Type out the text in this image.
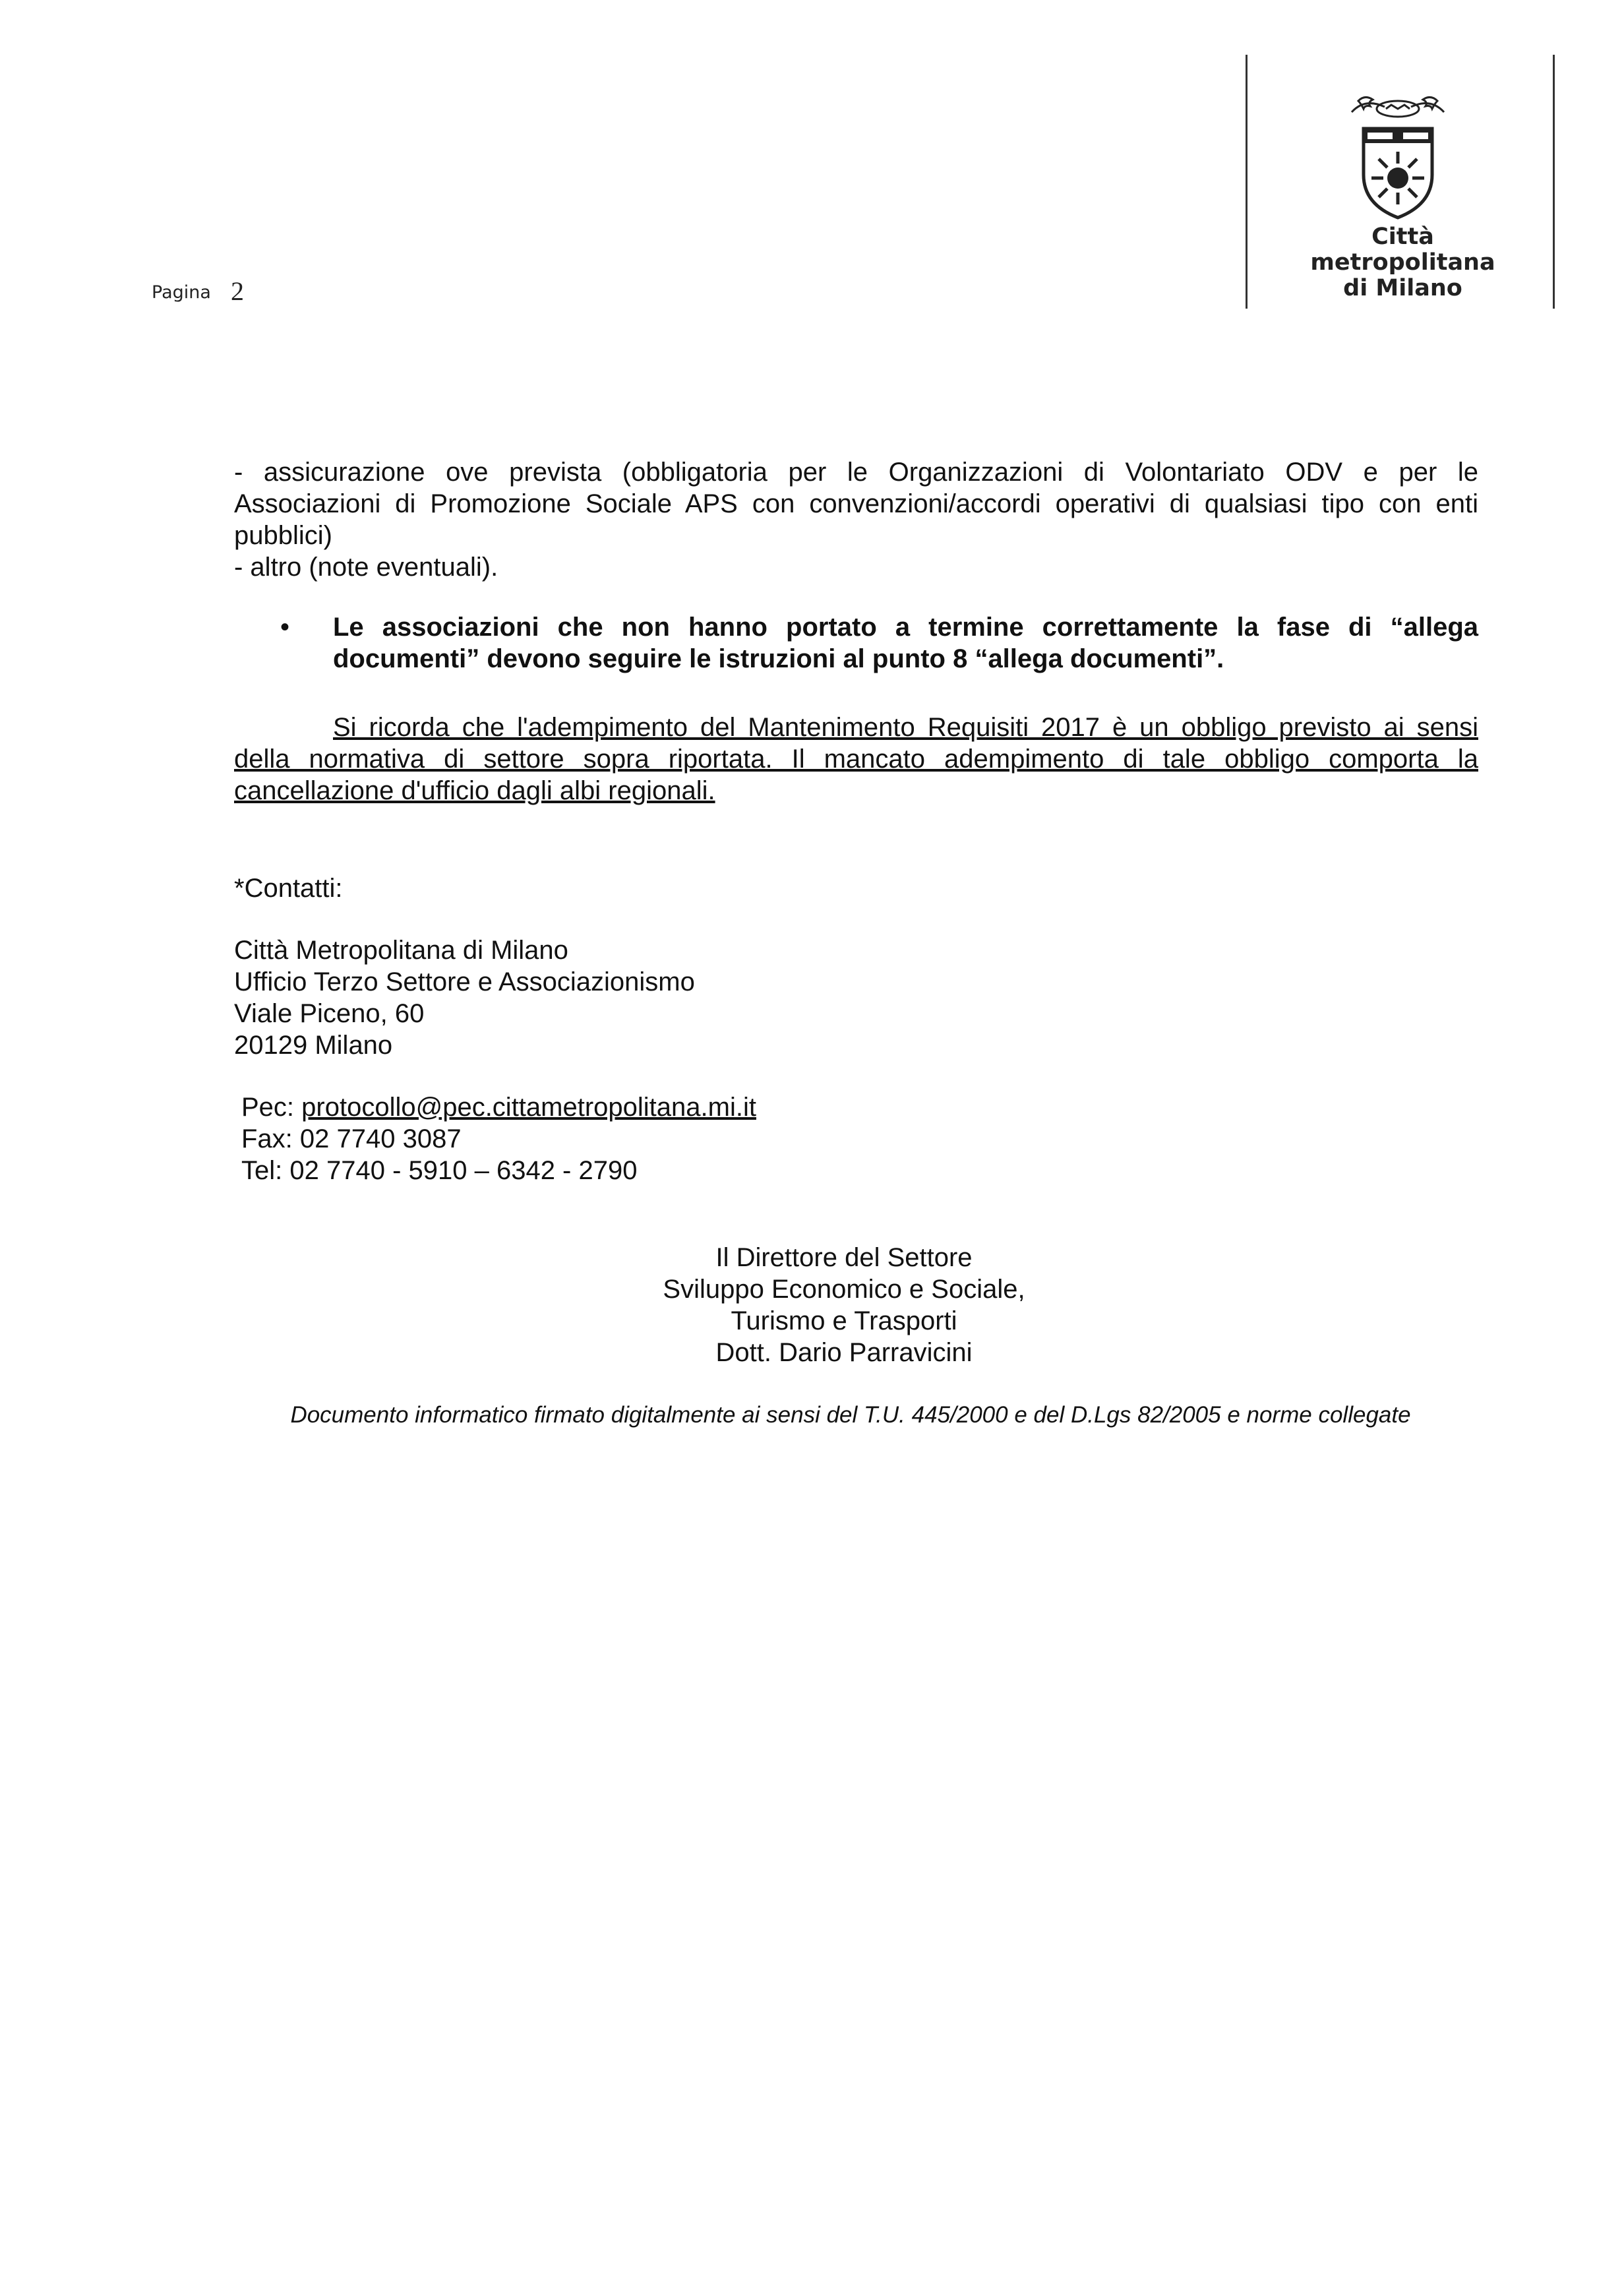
Pagina 2
Città
metropolitana
di Milano
- assicurazione ove prevista (obbligatoria per le Organizzazioni di Volontariato ODV e per le
Associazioni di Promozione Sociale APS con convenzioni/accordi operativi di qualsiasi tipo con enti
pubblici)
- altro (note eventuali).
• Le associazioni che non hanno portato a termine correttamente la fase di “allega
documenti” devono seguire le istruzioni al punto 8 “allega documenti”.
Si ricorda che l'adempimento del Mantenimento Requisiti 2017 è un obbligo previsto ai sensi
della normativa di settore sopra riportata. Il mancato adempimento di tale obbligo comporta la
cancellazione d'ufficio dagli albi regionali.
*Contatti:
Città Metropolitana di Milano
Ufficio Terzo Settore e Associazionismo
Viale Piceno, 60
20129 Milano
Pec: protocollo@pec.cittametropolitana.mi.it
Fax: 02 7740 3087
Tel: 02 7740 - 5910 – 6342 - 2790
Il Direttore del Settore
Sviluppo Economico e Sociale,
Turismo e Trasporti
Dott. Dario Parravicini
Documento informatico firmato digitalmente ai sensi del T.U. 445/2000 e del D.Lgs 82/2005 e norme collegate
